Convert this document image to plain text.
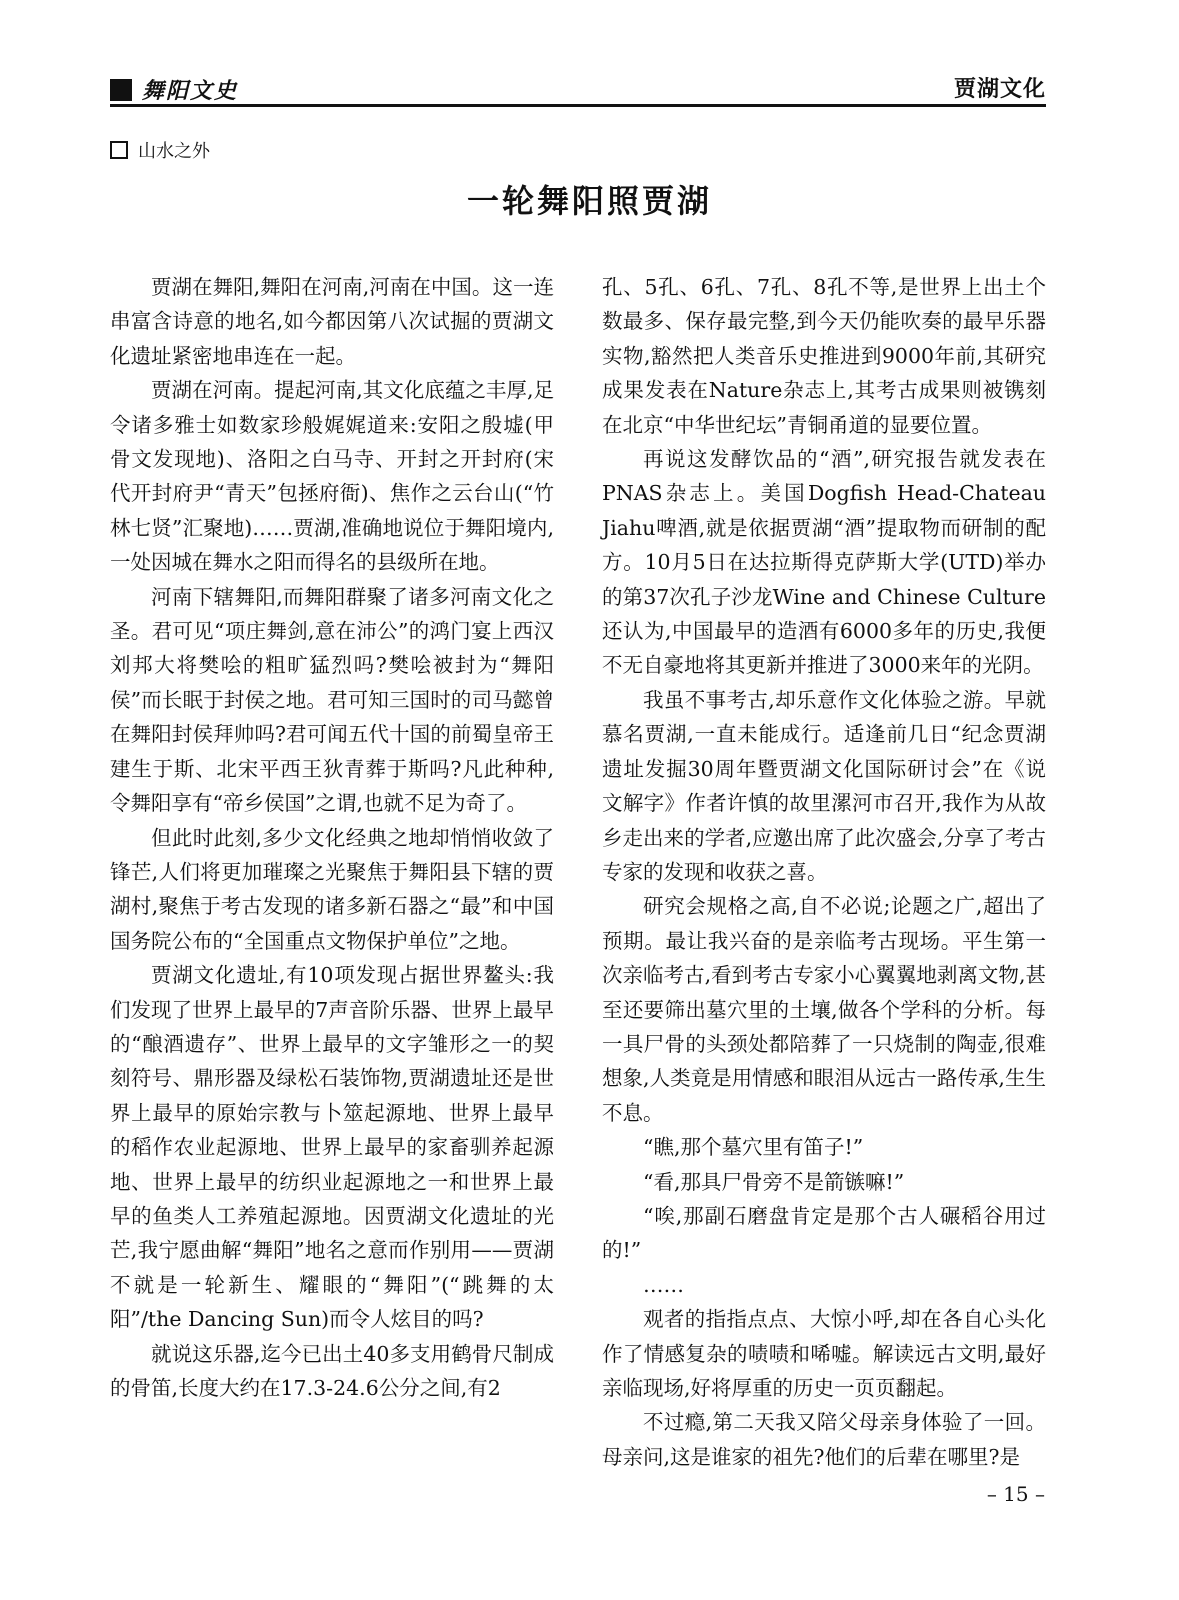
舞阳文史	贾湖文化
山水之外
一轮舞阳照贾湖

贾湖在舞阳,舞阳在河南,河南在中国。这一连串富含诗意的地名,如今都因第八次试掘的贾湖文化遗址紧密地串连在一起。

贾湖在河南。提起河南,其文化底蕴之丰厚,足令诸多雅士如数家珍般娓娓道来:安阳之殷墟(甲骨文发现地)、洛阳之白马寺、开封之开封府(宋代开封府尹“青天”包拯府衙)、焦作之云台山(“竹林七贤”汇聚地)……贾湖,准确地说位于舞阳境内,一处因城在舞水之阳而得名的县级所在地。

河南下辖舞阳,而舞阳群聚了诸多河南文化之圣。君可见“项庄舞剑,意在沛公”的鸿门宴上西汉刘邦大将樊哙的粗旷猛烈吗?樊哙被封为“舞阳侯”而长眠于封侯之地。君可知三国时的司马懿曾在舞阳封侯拜帅吗?君可闻五代十国的前蜀皇帝王建生于斯、北宋平西王狄青葬于斯吗?凡此种种,令舞阳享有“帝乡侯国”之谓,也就不足为奇了。

但此时此刻,多少文化经典之地却悄悄收敛了锋芒,人们将更加璀璨之光聚焦于舞阳县下辖的贾湖村,聚焦于考古发现的诸多新石器之“最”和中国国务院公布的“全国重点文物保护单位”之地。

贾湖文化遗址,有10项发现占据世界鳌头:我们发现了世界上最早的7声音阶乐器、世界上最早的“酿酒遗存”、世界上最早的文字雏形之一的契刻符号、鼎形器及绿松石装饰物,贾湖遗址还是世界上最早的原始宗教与卜筮起源地、世界上最早的稻作农业起源地、世界上最早的家畜驯养起源地、世界上最早的纺织业起源地之一和世界上最早的鱼类人工养殖起源地。因贾湖文化遗址的光芒,我宁愿曲解“舞阳”地名之意而作别用——贾湖不就是一轮新生、耀眼的“舞阳”(“跳舞的太阳”/the Dancing Sun)而令人炫目的吗?

就说这乐器,迄今已出土40多支用鹤骨尺制成的骨笛,长度大约在17.3-24.6公分之间,有2

孔、5孔、6孔、7孔、8孔不等,是世界上出土个数最多、保存最完整,到今天仍能吹奏的最早乐器实物,豁然把人类音乐史推进到9000年前,其研究成果发表在Nature杂志上,其考古成果则被镌刻在北京“中华世纪坛”青铜甬道的显要位置。

再说这发酵饮品的“酒”,研究报告就发表在PNAS杂志上。美国Dogfish Head-Chateau Jiahu啤酒,就是依据贾湖“酒”提取物而研制的配方。10月5日在达拉斯得克萨斯大学(UTD)举办的第37次孔子沙龙Wine and Chinese Culture还认为,中国最早的造酒有6000多年的历史,我便不无自豪地将其更新并推进了3000来年的光阴。

我虽不事考古,却乐意作文化体验之游。早就慕名贾湖,一直未能成行。适逢前几日“纪念贾湖遗址发掘30周年暨贾湖文化国际研讨会”在《说文解字》作者许慎的故里漯河市召开,我作为从故乡走出来的学者,应邀出席了此次盛会,分享了考古专家的发现和收获之喜。

研究会规格之高,自不必说;论题之广,超出了预期。最让我兴奋的是亲临考古现场。平生第一次亲临考古,看到考古专家小心翼翼地剥离文物,甚至还要筛出墓穴里的土壤,做各个学科的分析。每一具尸骨的头颈处都陪葬了一只烧制的陶壶,很难想象,人类竟是用情感和眼泪从远古一路传承,生生不息。

“瞧,那个墓穴里有笛子!”

“看,那具尸骨旁不是箭镞嘛!”

“唉,那副石磨盘肯定是那个古人碾稻谷用过的!”

……

观者的指指点点、大惊小呼,却在各自心头化作了情感复杂的啧啧和唏嘘。解读远古文明,最好亲临现场,好将厚重的历史一页页翻起。

不过瘾,第二天我又陪父母亲身体验了一回。母亲问,这是谁家的祖先?他们的后辈在哪里?是

– 15 –
